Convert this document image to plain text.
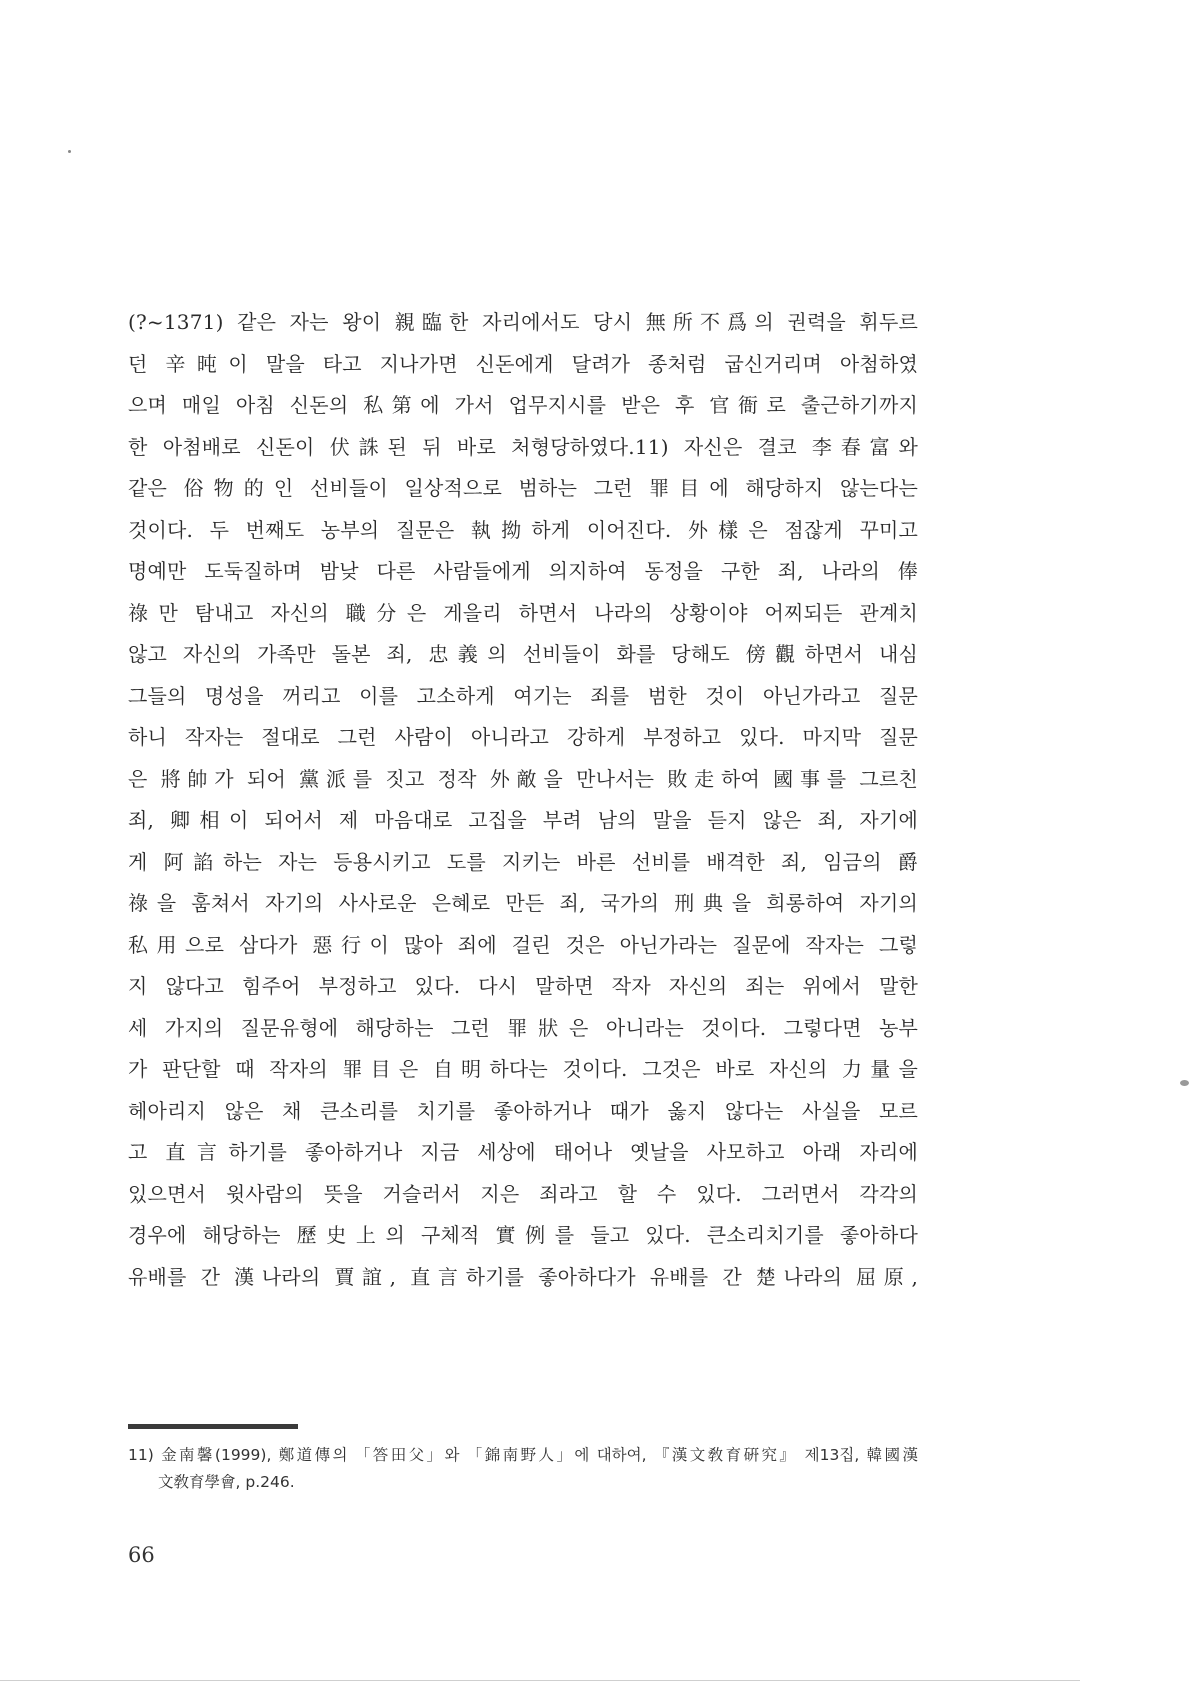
(?~1371) 같은 자는 왕이 親臨한 자리에서도 당시 無所不爲의 권력을 휘두르
던 辛旽이 말을 타고 지나가면 신돈에게 달려가 종처럼 굽신거리며 아첨하였
으며 매일 아침 신돈의 私第에 가서 업무지시를 받은 후 官衙로 출근하기까지
한 아첨배로 신돈이 伏誅된 뒤 바로 처형당하였다.11) 자신은 결코 李春富와
같은 俗物的인 선비들이 일상적으로 범하는 그런 罪目에 해당하지 않는다는
것이다. 두 번째도 농부의 질문은 執拗하게 이어진다. 外樣은 점잖게 꾸미고
명예만 도둑질하며 밤낮 다른 사람들에게 의지하여 동정을 구한 죄, 나라의 俸
祿만 탐내고 자신의 職分은 게을리 하면서 나라의 상황이야 어찌되든 관계치
않고 자신의 가족만 돌본 죄, 忠義의 선비들이 화를 당해도 傍觀하면서 내심
그들의 명성을 꺼리고 이를 고소하게 여기는 죄를 범한 것이 아닌가라고 질문
하니 작자는 절대로 그런 사람이 아니라고 강하게 부정하고 있다. 마지막 질문
은 將帥가 되어 黨派를 짓고 정작 外敵을 만나서는 敗走하여 國事를 그르친
죄, 卿相이 되어서 제 마음대로 고집을 부려 남의 말을 듣지 않은 죄, 자기에
게 阿諂하는 자는 등용시키고 도를 지키는 바른 선비를 배격한 죄, 임금의 爵
祿을 훔쳐서 자기의 사사로운 은혜로 만든 죄, 국가의 刑典을 희롱하여 자기의
私用으로 삼다가 惡行이 많아 죄에 걸린 것은 아닌가라는 질문에 작자는 그렇
지 않다고 힘주어 부정하고 있다. 다시 말하면 작자 자신의 죄는 위에서 말한
세 가지의 질문유형에 해당하는 그런 罪狀은 아니라는 것이다. 그렇다면 농부
가 판단할 때 작자의 罪目은 自明하다는 것이다. 그것은 바로 자신의 力量을
헤아리지 않은 채 큰소리를 치기를 좋아하거나 때가 옳지 않다는 사실을 모르
고 直言하기를 좋아하거나 지금 세상에 태어나 옛날을 사모하고 아래 자리에
있으면서 윗사람의 뜻을 거슬러서 지은 죄라고 할 수 있다. 그러면서 각각의
경우에 해당하는 歷史上의 구체적 實例를 들고 있다. 큰소리치기를 좋아하다
유배를 간 漢나라의 賈誼, 直言하기를 좋아하다가 유배를 간 楚나라의 屈原,
11) 金南馨(1999), 鄭道傳의 「答田父」와 「錦南野人」에 대하여, 『漢文敎育硏究』 제13집, 韓國漢
文敎育學會, p.246.
66
